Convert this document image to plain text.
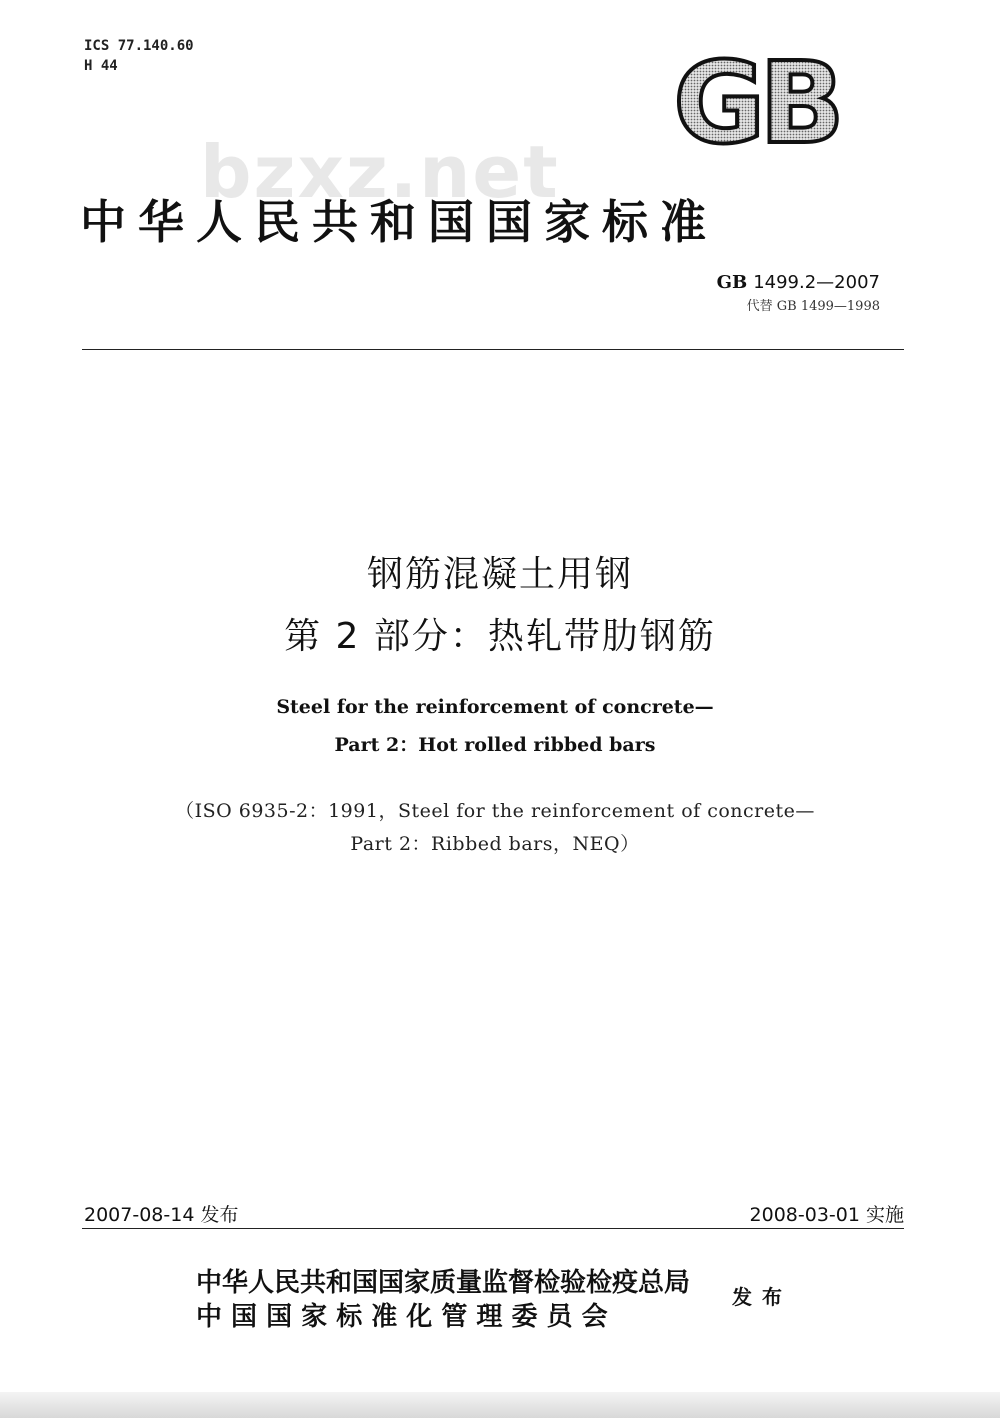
ICS 77.140.60
H 44	GB
bzxz.net
中华人民共和国国家标准
GB 1499.2—2007
代替 GB 1499—1998
钢筋混凝土用钢
第 2 部分：热轧带肋钢筋
Steel for the reinforcement of concrete—
Part 2：Hot rolled ribbed bars
（ISO 6935-2：1991，Steel for the reinforcement of concrete—
Part 2：Ribbed bars，NEQ）
2007-08-14 发布	2008-03-01 实施
中华人民共和国国家质量监督检验检疫总局
中 国 国 家 标 准 化 管 理 委 员 会
发布
